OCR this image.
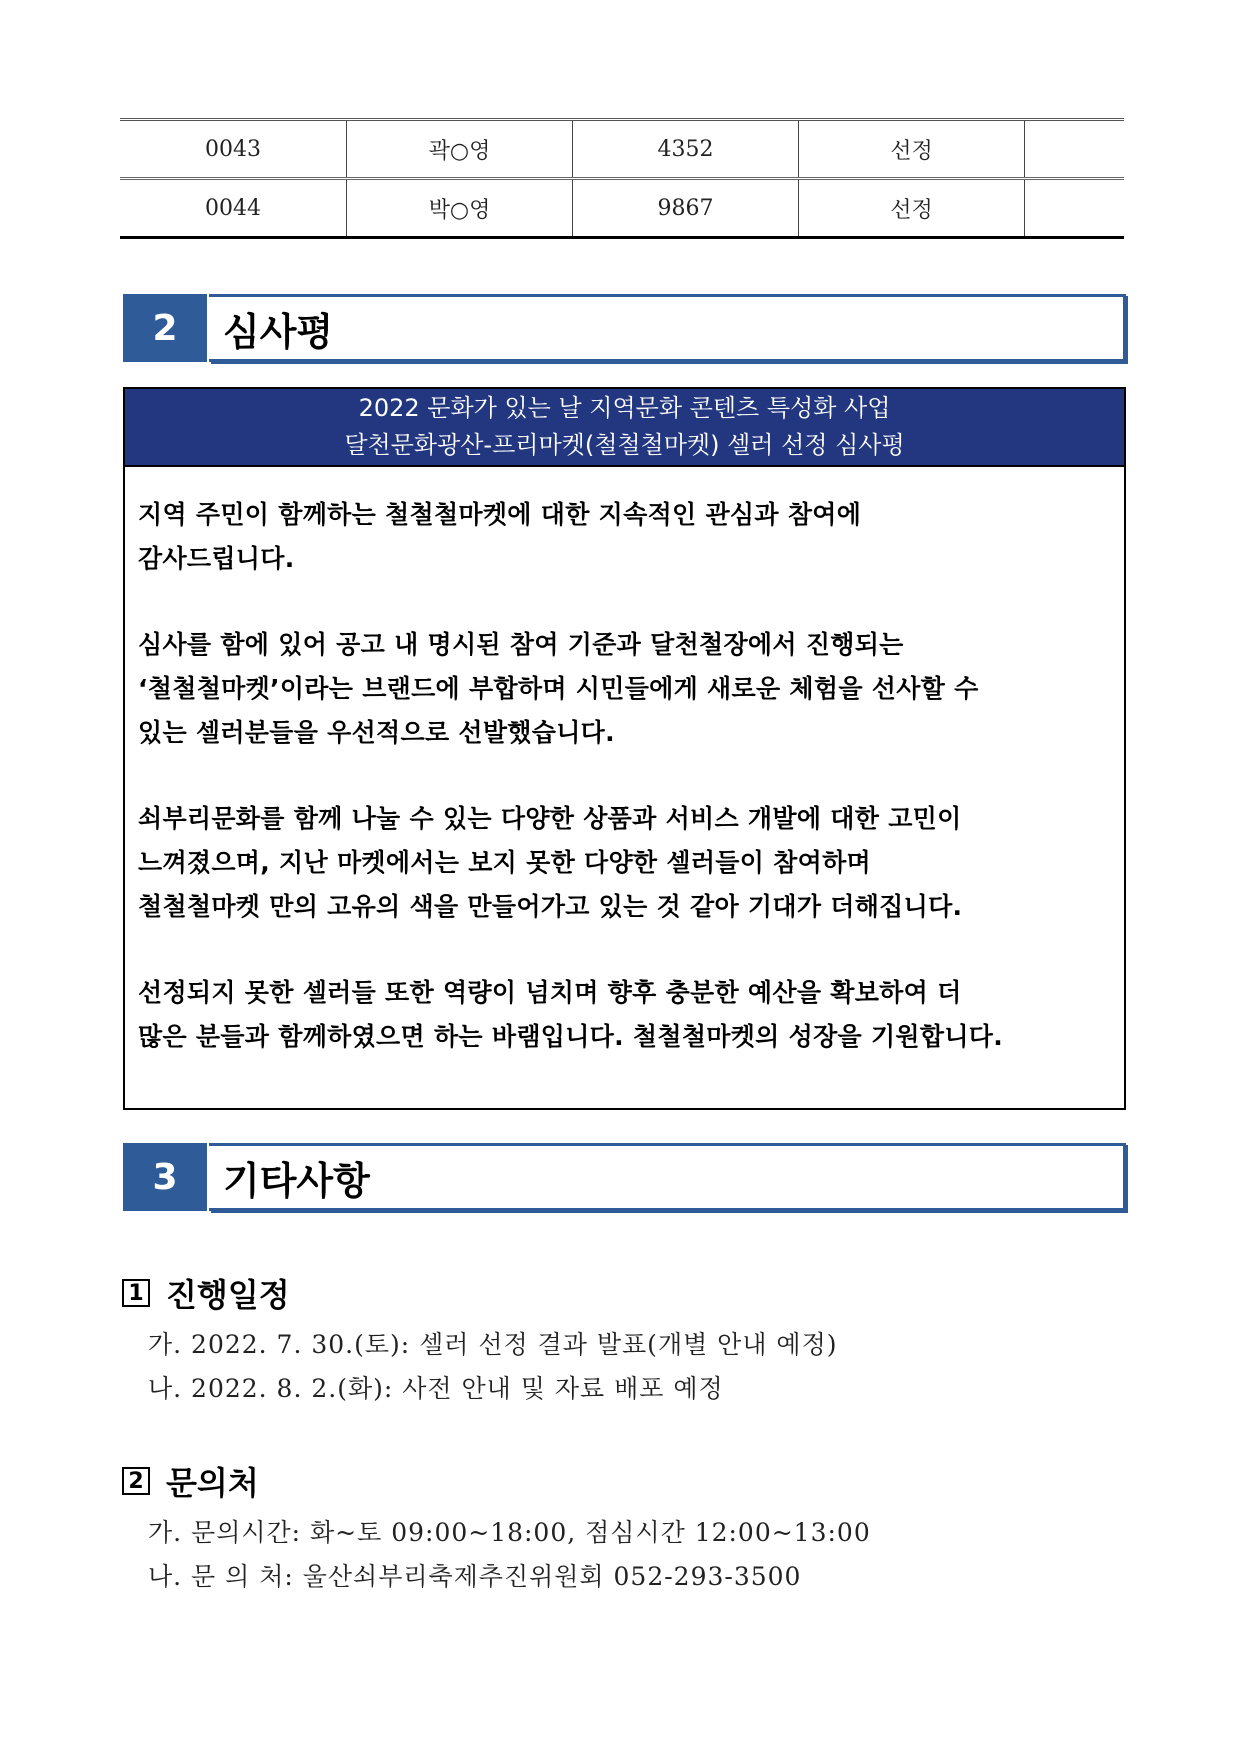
0043	곽○영	4352	선정
0044	박○영	9867	선정
2	심사평
2022 문화가 있는 날 지역문화 콘텐츠 특성화 사업
달천문화광산-프리마켓(철철철마켓) 셀러 선정 심사평

지역 주민이 함께하는 철철철마켓에 대한 지속적인 관심과 참여에
감사드립니다.

심사를 함에 있어 공고 내 명시된 참여 기준과 달천철장에서 진행되는
‘철철철마켓’이라는 브랜드에 부합하며 시민들에게 새로운 체험을 선사할 수
있는 셀러분들을 우선적으로 선발했습니다.

쇠부리문화를 함께 나눌 수 있는 다양한 상품과 서비스 개발에 대한 고민이
느껴졌으며, 지난 마켓에서는 보지 못한 다양한 셀러들이 참여하며
철철철마켓 만의 고유의 색을 만들어가고 있는 것 같아 기대가 더해집니다.

선정되지 못한 셀러들 또한 역량이 넘치며 향후 충분한 예산을 확보하여 더
많은 분들과 함께하였으면 하는 바램입니다. 철철철마켓의 성장을 기원합니다.

3	기타사항
1 진행일정
가. 2022. 7. 30.(토): 셀러 선정 결과 발표(개별 안내 예정)
나. 2022. 8. 2.(화): 사전 안내 및 자료 배포 예정
2 문의처
가. 문의시간: 화~토 09:00~18:00, 점심시간 12:00~13:00
나. 문 의 처: 울산쇠부리축제추진위원회 052-293-3500
